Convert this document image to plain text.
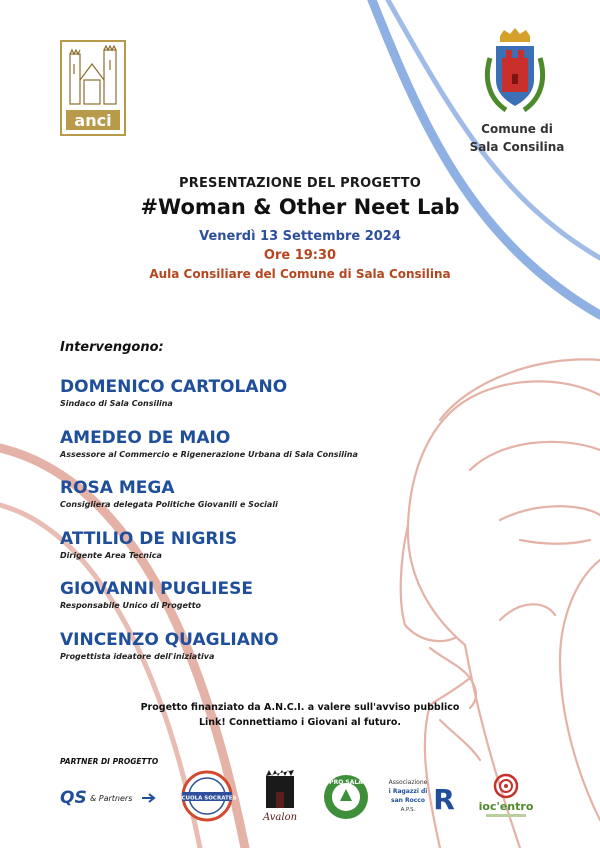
anci	Comune di
Sala Consilina
PRESENTAZIONE DEL PROGETTO
#Woman & Other Neet Lab
Venerdì 13 Settembre 2024
Ore 19:30
Aula Consiliare del Comune di Sala Consilina
Intervengono:
DOMENICO CARTOLANO
Sindaco di Sala Consilina
AMEDEO DE MAIO
Assessore al Commercio e Rigenerazione Urbana di Sala Consilina
ROSA MEGA
Consigliera delegata Politiche Giovanili e Sociali
ATTILIO DE NIGRIS
Dirigente Area Tecnica
GIOVANNI PUGLIESE
Responsabile Unico di Progetto
VINCENZO QUAGLIANO
Progettista ideatore dell'iniziativa
Progetto finanziato da A.N.C.I. a valere sull'avviso pubblico
Link! Connettiamo i Giovani al futuro.
PARTNER DI PROGETTO
QS & Partners	SCUOLA SOCRATES
Avalon
PRO SALA	Associazione
i Ragazzi di
san Rocco
A.P.S. R ioc'entro
